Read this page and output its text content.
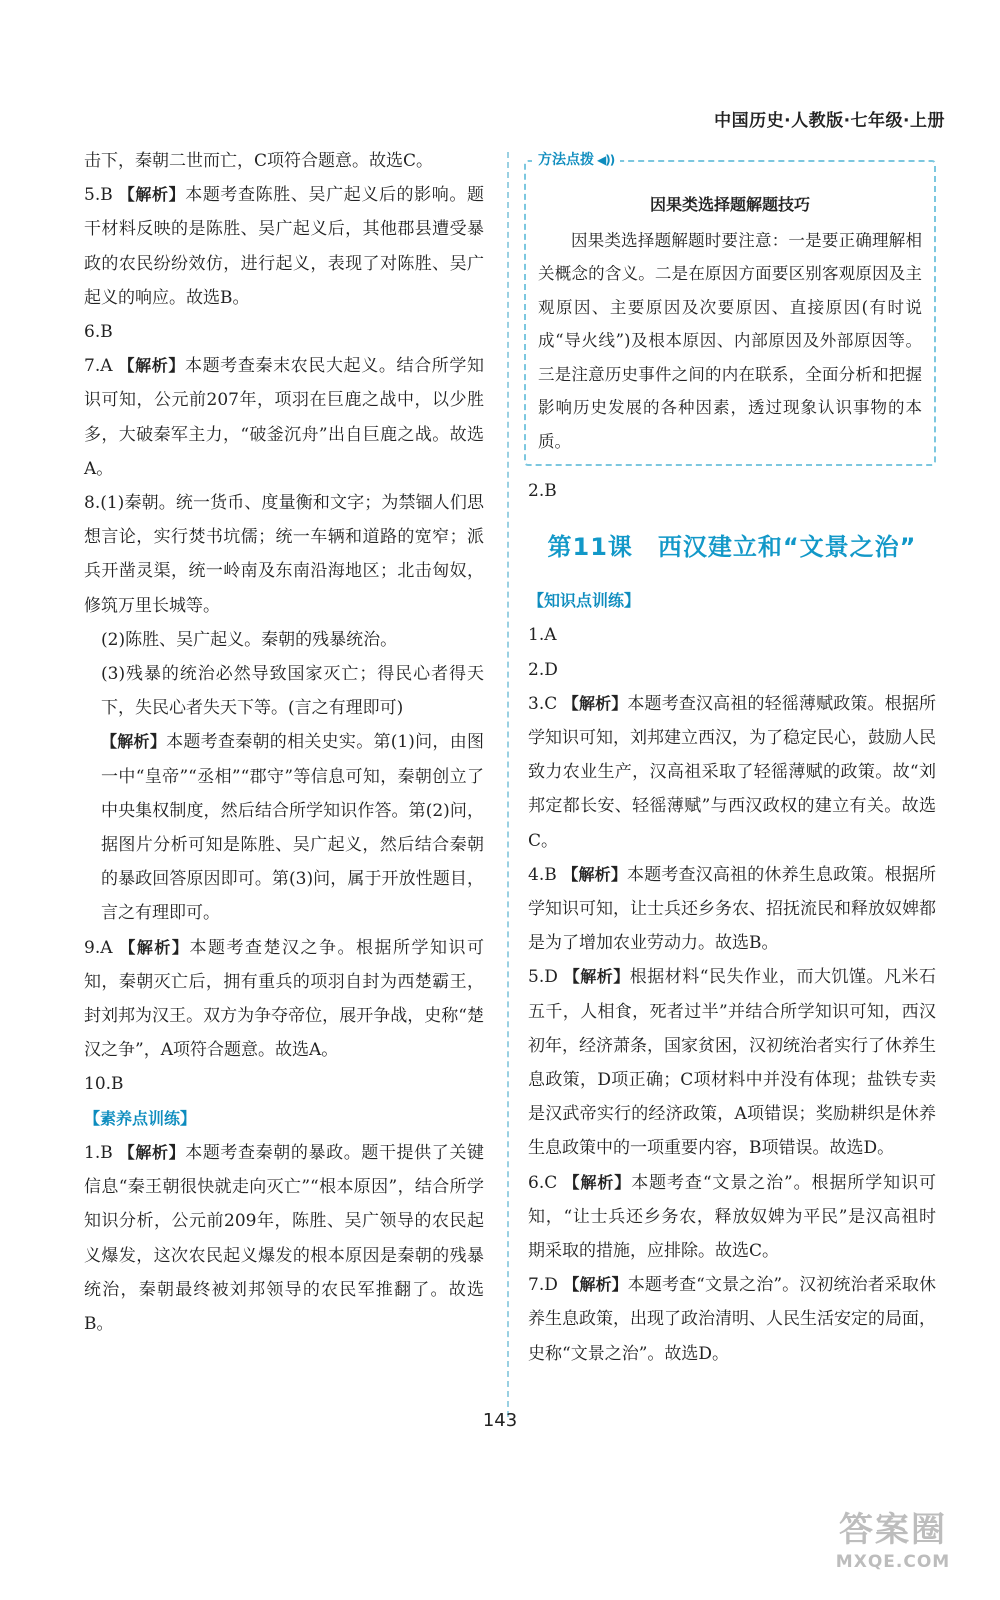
中国历史·人教版·七年级·上册

击下，秦朝二世而亡，C项符合题意。故选C。

5.B 【解析】本题考查陈胜、吴广起义后的影响。题干材料反映的是陈胜、吴广起义后，其他郡县遭受暴政的农民纷纷效仿，进行起义，表现了对陈胜、吴广起义的响应。故选B。

6.B

7.A 【解析】本题考查秦末农民大起义。结合所学知识可知，公元前207年，项羽在巨鹿之战中，以少胜多，大破秦军主力，“破釜沉舟”出自巨鹿之战。故选A。

8.(1)秦朝。统一货币、度量衡和文字；为禁锢人们思想言论，实行焚书坑儒；统一车辆和道路的宽窄；派兵开凿灵渠，统一岭南及东南沿海地区；北击匈奴，修筑万里长城等。

(2)陈胜、吴广起义。秦朝的残暴统治。

(3)残暴的统治必然导致国家灭亡；得民心者得天下，失民心者失天下等。(言之有理即可)

【解析】本题考查秦朝的相关史实。第(1)问，由图一中“皇帝”“丞相”“郡守”等信息可知，秦朝创立了中央集权制度，然后结合所学知识作答。第(2)问，据图片分析可知是陈胜、吴广起义，然后结合秦朝的暴政回答原因即可。第(3)问，属于开放性题目，言之有理即可。

9.A 【解析】本题考查楚汉之争。根据所学知识可知，秦朝灭亡后，拥有重兵的项羽自封为西楚霸王，封刘邦为汉王。双方为争夺帝位，展开争战，史称“楚汉之争”，A项符合题意。故选A。

10.B

【素养点训练】

1.B 【解析】本题考查秦朝的暴政。题干提供了关键信息“秦王朝很快就走向灭亡”“根本原因”，结合所学知识分析，公元前209年，陈胜、吴广领导的农民起义爆发，这次农民起义爆发的根本原因是秦朝的残暴统治，秦朝最终被刘邦领导的农民军推翻了。故选B。

方法点拨 ◀))

因果类选择题解题技巧

因果类选择题解题时要注意：一是要正确理解相关概念的含义。二是在原因方面要区别客观原因及主观原因、主要原因及次要原因、直接原因(有时说成“导火线”)及根本原因、内部原因及外部原因等。三是注意历史事件之间的内在联系，全面分析和把握影响历史发展的各种因素，透过现象认识事物的本质。

2.B

第11课　西汉建立和“文景之治”
【知识点训练】

1.A

2.D

3.C 【解析】本题考查汉高祖的轻徭薄赋政策。根据所学知识可知，刘邦建立西汉，为了稳定民心，鼓励人民致力农业生产，汉高祖采取了轻徭薄赋的政策。故“刘邦定都长安、轻徭薄赋”与西汉政权的建立有关。故选C。

4.B 【解析】本题考查汉高祖的休养生息政策。根据所学知识可知，让士兵还乡务农、招抚流民和释放奴婢都是为了增加农业劳动力。故选B。

5.D 【解析】根据材料“民失作业，而大饥馑。凡米石五千，人相食，死者过半”并结合所学知识可知，西汉初年，经济萧条，国家贫困，汉初统治者实行了休养生息政策，D项正确；C项材料中并没有体现；盐铁专卖是汉武帝实行的经济政策，A项错误；奖励耕织是休养生息政策中的一项重要内容，B项错误。故选D。

6.C 【解析】本题考查“文景之治”。根据所学知识可知，“让士兵还乡务农，释放奴婢为平民”是汉高祖时期采取的措施，应排除。故选C。

7.D 【解析】本题考查“文景之治”。汉初统治者采取休养生息政策，出现了政治清明、人民生活安定的局面，史称“文景之治”。故选D。

143
答案圈
MXQE.COM
